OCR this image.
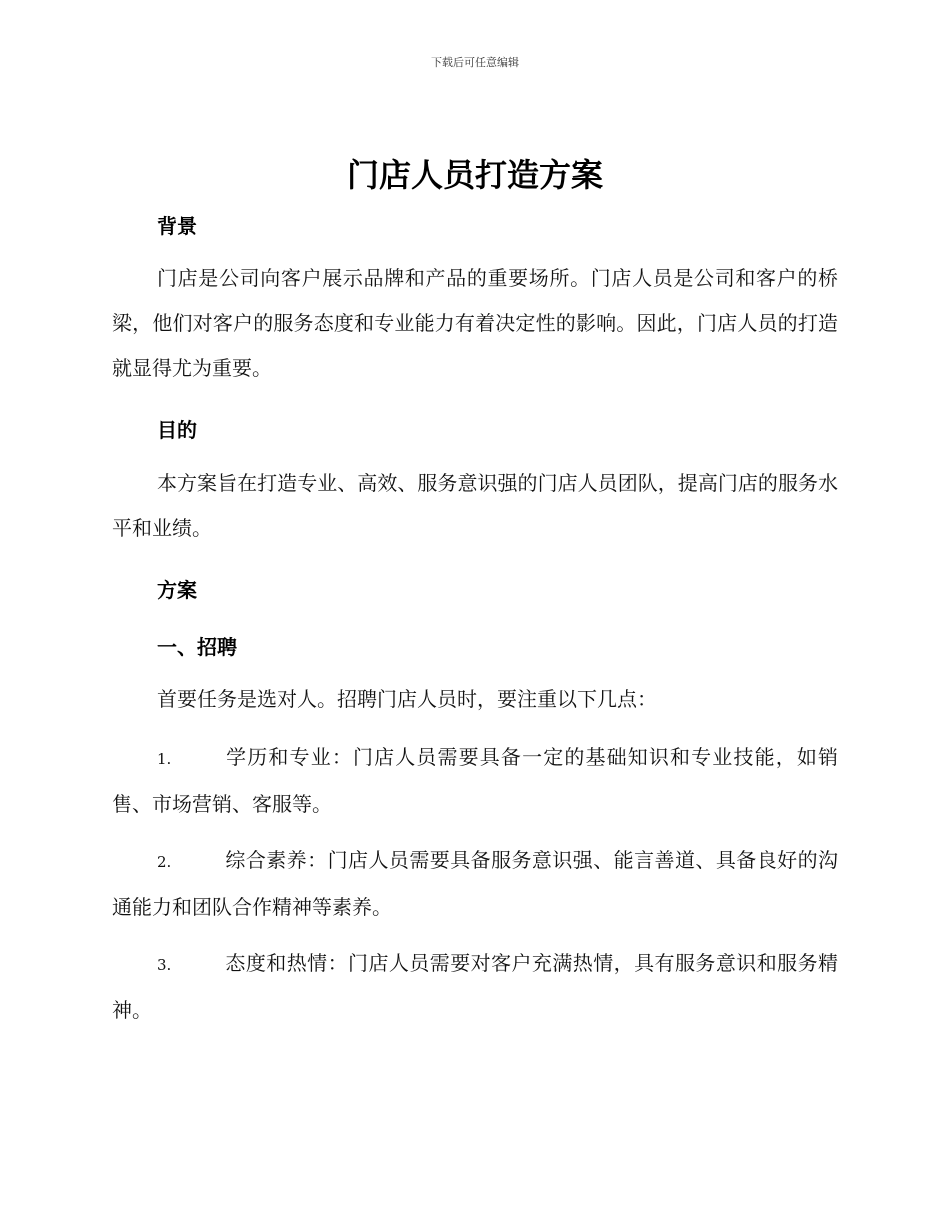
下载后可任意编辑
门店人员打造方案
背景
门店是公司向客户展示品牌和产品的重要场所。门店人员是公司和客户的桥梁，他们对客户的服务态度和专业能力有着决定性的影响。因此，门店人员的打造就显得尤为重要。
目的
本方案旨在打造专业、高效、服务意识强的门店人员团队，提高门店的服务水平和业绩。
方案
一、招聘
首要任务是选对人。招聘门店人员时，要注重以下几点：
1.	学历和专业：门店人员需要具备一定的基础知识和专业技能，如销售、市场营销、客服等。
2.	综合素养：门店人员需要具备服务意识强、能言善道、具备良好的沟通能力和团队合作精神等素养。
3.	态度和热情：门店人员需要对客户充满热情，具有服务意识和服务精神。
